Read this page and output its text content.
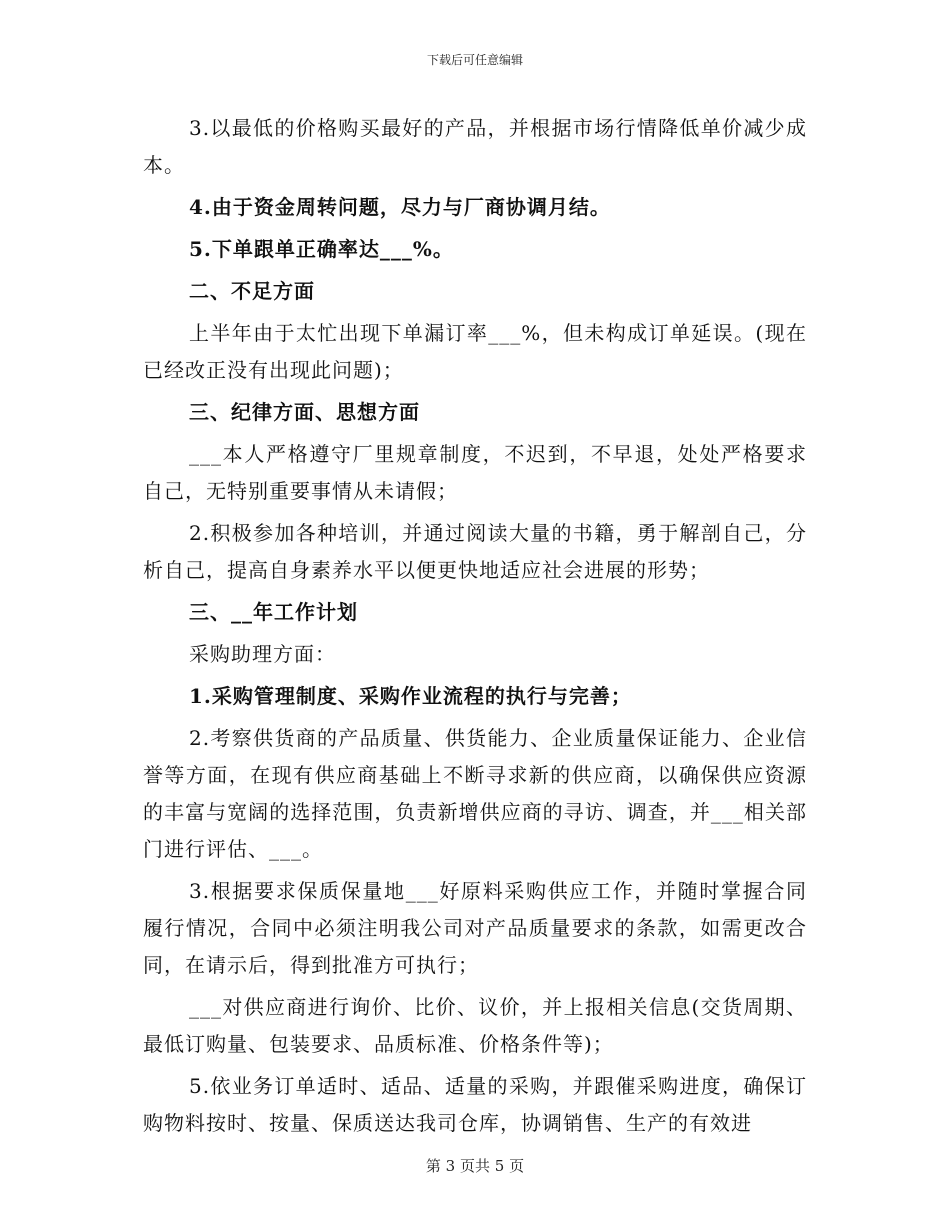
下载后可任意编辑

3.以最低的价格购买最好的产品，并根据市场行情降低单价减少成本。

4.由于资金周转问题，尽力与厂商协调月结。

5.下单跟单正确率达___%。

二、不足方面

上半年由于太忙出现下单漏订率___%，但未构成订单延误。(现在已经改正没有出现此问题)；

三、纪律方面、思想方面

___本人严格遵守厂里规章制度，不迟到，不早退，处处严格要求自己，无特别重要事情从未请假；

2.积极参加各种培训，并通过阅读大量的书籍，勇于解剖自己，分析自己，提高自身素养水平以便更快地适应社会进展的形势；

三、__年工作计划

采购助理方面：

1.采购管理制度、采购作业流程的执行与完善；

2.考察供货商的产品质量、供货能力、企业质量保证能力、企业信誉等方面，在现有供应商基础上不断寻求新的供应商，以确保供应资源的丰富与宽阔的选择范围，负责新增供应商的寻访、调查，并___相关部门进行评估、___。

3.根据要求保质保量地___好原料采购供应工作，并随时掌握合同履行情况，合同中必须注明我公司对产品质量要求的条款，如需更改合同，在请示后，得到批准方可执行；

___对供应商进行询价、比价、议价，并上报相关信息(交货周期、最低订购量、包装要求、品质标准、价格条件等)；

5.依业务订单适时、适品、适量的采购，并跟催采购进度，确保订购物料按时、按量、保质送达我司仓库，协调销售、生产的有效进

第 3 页共 5 页
